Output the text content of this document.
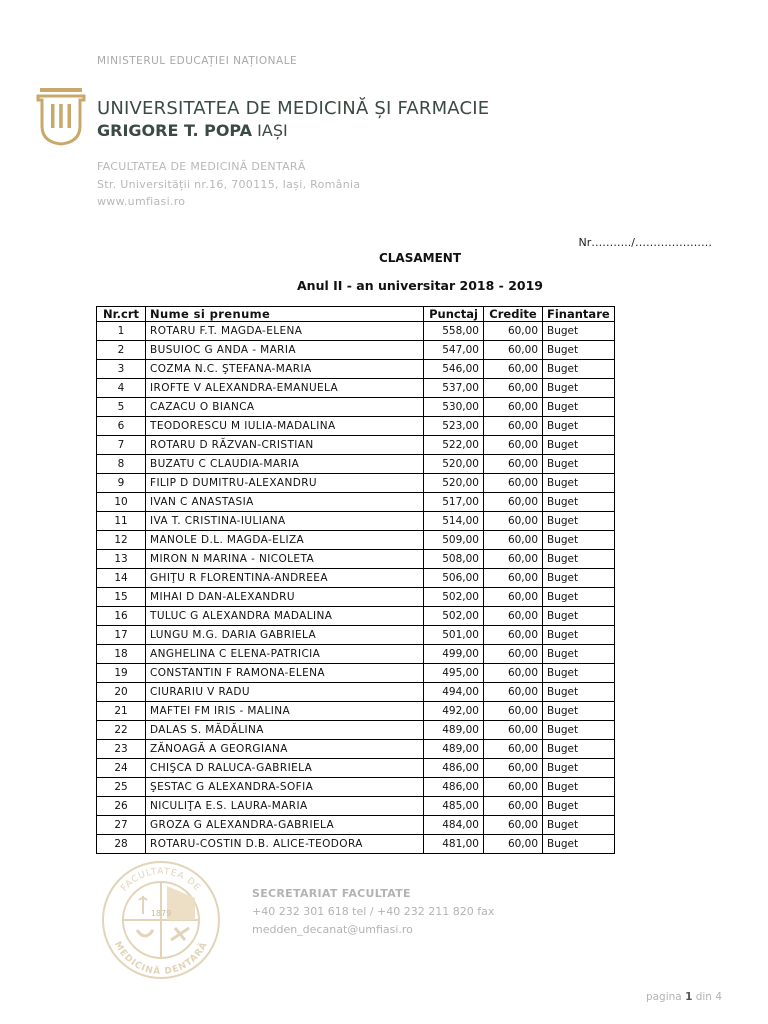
MINISTERUL EDUCAȚIEI NAȚIONALE
UNIVERSITATEA DE MEDICINĂ ȘI FARMACIE
GRIGORE T. POPA IAȘI
FACULTATEA DE MEDICINĂ DENTARĂ
Str. Universității nr.16, 700115, Iași, România
www.umfiasi.ro
Nr………../…………………
CLASAMENT
Anul II - an universitar 2018 - 2019
Nr.crt	Nume si prenume	Punctaj	Credite	Finantare
1	ROTARU F.T. MAGDA-ELENA	558,00	60,00	Buget
2	BUSUIOC G ANDA - MARIA	547,00	60,00	Buget
3	COZMA N.C. ŞTEFANA-MARIA	546,00	60,00	Buget
4	IROFTE V ALEXANDRA-EMANUELA	537,00	60,00	Buget
5	CAZACU O BIANCA	530,00	60,00	Buget
6	TEODORESCU M IULIA-MADALINA	523,00	60,00	Buget
7	ROTARU D RĂZVAN-CRISTIAN	522,00	60,00	Buget
8	BUZATU C CLAUDIA-MARIA	520,00	60,00	Buget
9	FILIP D DUMITRU-ALEXANDRU	520,00	60,00	Buget
10	IVAN C ANASTASIA	517,00	60,00	Buget
11	IVA T. CRISTINA-IULIANA	514,00	60,00	Buget
12	MANOLE D.L. MAGDA-ELIZA	509,00	60,00	Buget
13	MIRON N MARINA - NICOLETA	508,00	60,00	Buget
14	GHIŢU R FLORENTINA-ANDREEA	506,00	60,00	Buget
15	MIHAI D DAN-ALEXANDRU	502,00	60,00	Buget
16	TULUC G ALEXANDRA MADALINA	502,00	60,00	Buget
17	LUNGU M.G. DARIA GABRIELA	501,00	60,00	Buget
18	ANGHELINA C ELENA-PATRICIA	499,00	60,00	Buget
19	CONSTANTIN F RAMONA-ELENA	495,00	60,00	Buget
20	CIURARIU V RADU	494,00	60,00	Buget
21	MAFTEI FM IRIS - MALINA	492,00	60,00	Buget
22	DALAS S. MĂDĂLINA	489,00	60,00	Buget
23	ZĂNOAGĂ A GEORGIANA	489,00	60,00	Buget
24	CHIŞCA D RALUCA-GABRIELA	486,00	60,00	Buget
25	ŞESTAC G ALEXANDRA-SOFIA	486,00	60,00	Buget
26	NICULIŢA E.S. LAURA-MARIA	485,00	60,00	Buget
27	GROZA G ALEXANDRA-GABRIELA	484,00	60,00	Buget
28	ROTARU-COSTIN D.B. ALICE-TEODORA	481,00	60,00	Buget
FACULTATEA DE
MEDICINĂ DENTARĂ
1879
SECRETARIAT FACULTATE
+40 232 301 618 tel / +40 232 211 820 fax
medden_decanat@umfiasi.ro
pagina 1 din 4
